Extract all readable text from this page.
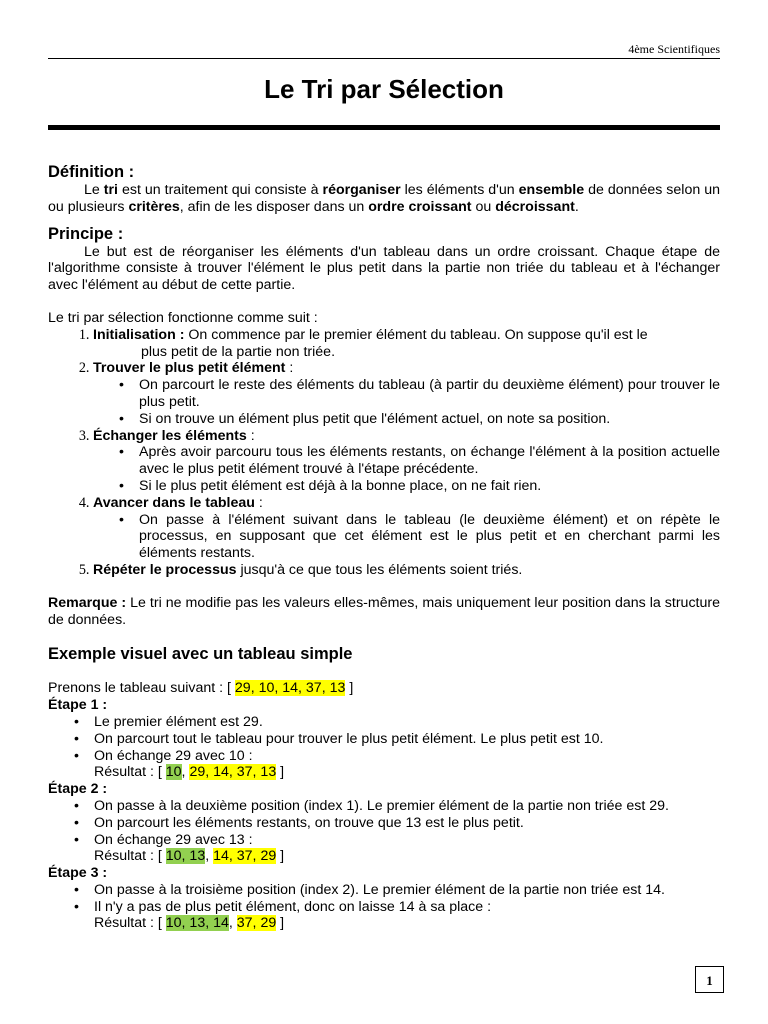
4ème Scientifiques
Le Tri par Sélection
Définition :

Le tri est un traitement qui consiste à réorganiser les éléments d'un ensemble de données selon un ou plusieurs critères, afin de les disposer dans un ordre croissant ou décroissant.

Principe :

Le but est de réorganiser les éléments d'un tableau dans un ordre croissant. Chaque étape de l'algorithme consiste à trouver l'élément le plus petit dans la partie non triée du tableau et à l'échanger avec l'élément au début de cette partie.

Le tri par sélection fonctionne comme suit :

1. Initialisation : On commence par le premier élément du tableau. On suppose qu'il est le
plus petit de la partie non triée.
2. Trouver le plus petit élément :
• On parcourt le reste des éléments du tableau (à partir du deuxième élément) pour trouver le plus petit.
• Si on trouve un élément plus petit que l'élément actuel, on note sa position.
3. Échanger les éléments :
• Après avoir parcouru tous les éléments restants, on échange l'élément à la position actuelle avec le plus petit élément trouvé à l'étape précédente.
• Si le plus petit élément est déjà à la bonne place, on ne fait rien.
4. Avancer dans le tableau :
• On passe à l'élément suivant dans le tableau (le deuxième élément) et on répète le processus, en supposant que cet élément est le plus petit et en cherchant parmi les éléments restants.
5. Répéter le processus jusqu'à ce que tous les éléments soient triés.

Remarque : Le tri ne modifie pas les valeurs elles-mêmes, mais uniquement leur position dans la structure de données.

Exemple visuel avec un tableau simple

Prenons le tableau suivant : [ 29, 10, 14, 37, 13 ]

Étape 1 :

• Le premier élément est 29.
• On parcourt tout le tableau pour trouver le plus petit élément. Le plus petit est 10.
• On échange 29 avec 10 :
Résultat : [ 10, 29, 14, 37, 13 ]

Étape 2 :

• On passe à la deuxième position (index 1). Le premier élément de la partie non triée est 29.
• On parcourt les éléments restants, on trouve que 13 est le plus petit.
• On échange 29 avec 13 :
Résultat : [ 10, 13, 14, 37, 29 ]

Étape 3 :

• On passe à la troisième position (index 2). Le premier élément de la partie non triée est 14.
• Il n'y a pas de plus petit élément, donc on laisse 14 à sa place :
Résultat : [ 10, 13, 14, 37, 29 ]
1
